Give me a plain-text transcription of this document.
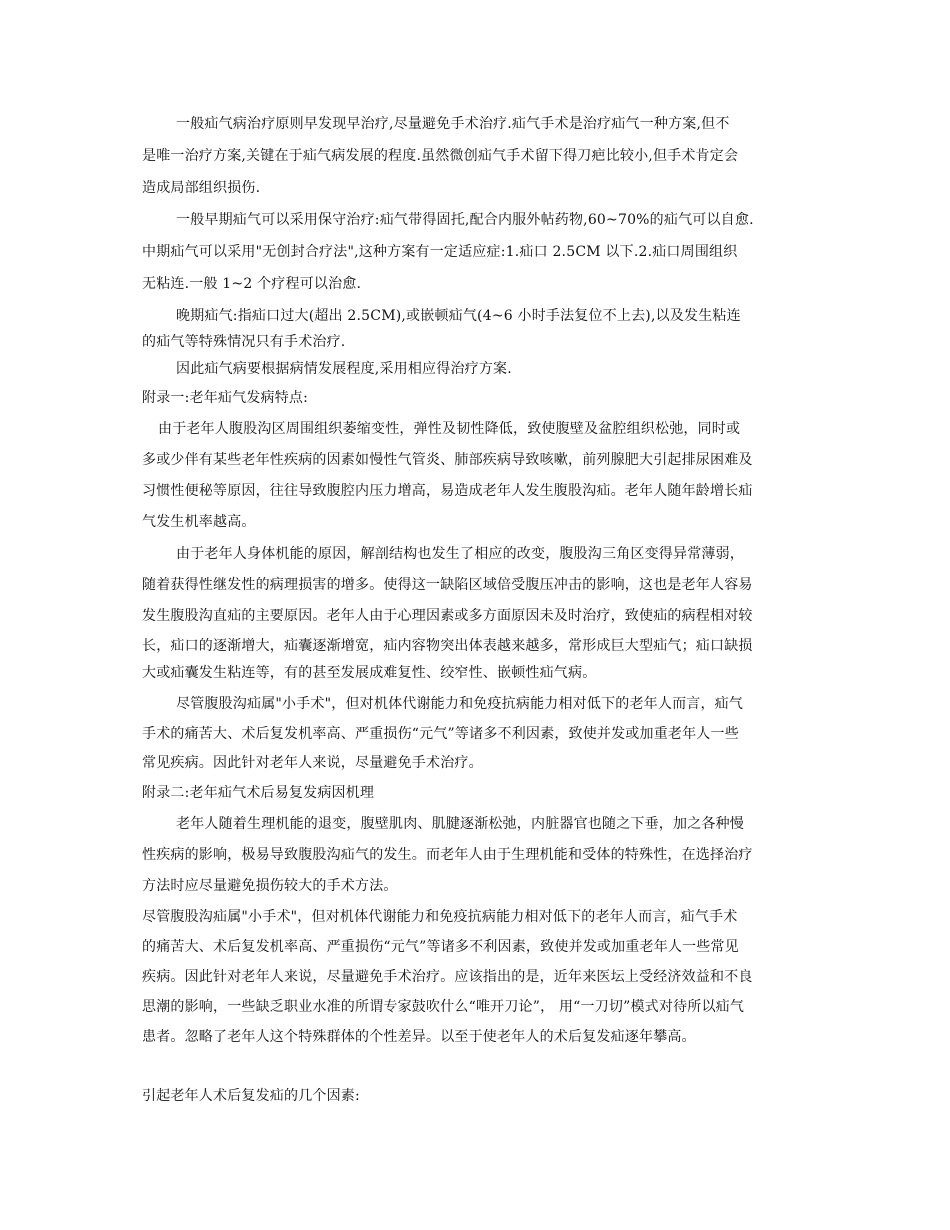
一般疝气病治疗原则早发现早治疗,尽量避免手术治疗.疝气手术是治疗疝气一种方案,但不
是唯一治疗方案,关键在于疝气病发展的程度.虽然微创疝气手术留下得刀疤比较小,但手术肯定会
造成局部组织损伤.
一般早期疝气可以采用保守治疗:疝气带得固托,配合内服外帖药物,60~70%的疝气可以自愈.
中期疝气可以采用"无创封合疗法",这种方案有一定适应症:1.疝口 2.5CM 以下.2.疝口周围组织
无粘连.一般 1~2 个疗程可以治愈.
晚期疝气:指疝口过大(超出 2.5CM),或嵌顿疝气(4~6 小时手法复位不上去),以及发生粘连
的疝气等特殊情况只有手术治疗.
因此疝气病要根据病情发展程度,采用相应得治疗方案.
附录一:老年疝气发病特点:
由于老年人腹股沟区周围组织萎缩变性，弹性及韧性降低，致使腹壁及盆腔组织松弛，同时或
多或少伴有某些老年性疾病的因素如慢性气管炎、肺部疾病导致咳嗽，前列腺肥大引起排尿困难及
习惯性便秘等原因，往往导致腹腔内压力增高，易造成老年人发生腹股沟疝。老年人随年龄增长疝
气发生机率越高。
由于老年人身体机能的原因，解剖结构也发生了相应的改变，腹股沟三角区变得异常薄弱，
随着获得性继发性的病理损害的增多。使得这一缺陷区域倍受腹压冲击的影响，这也是老年人容易
发生腹股沟直疝的主要原因。老年人由于心理因素或多方面原因未及时治疗，致使疝的病程相对较
长，疝口的逐渐增大，疝囊逐渐增宽，疝内容物突出体表越来越多，常形成巨大型疝气；疝口缺损
大或疝囊发生粘连等，有的甚至发展成难复性、绞窄性、嵌顿性疝气病。
尽管腹股沟疝属"小手术"，但对机体代谢能力和免疫抗病能力相对低下的老年人而言，疝气
手术的痛苦大、术后复发机率高、严重损伤“元气”等诸多不利因素，致使并发或加重老年人一些
常见疾病。因此针对老年人来说，尽量避免手术治疗。
附录二:老年疝气术后易复发病因机理
老年人随着生理机能的退变，腹壁肌肉、肌腱逐渐松弛，内脏器官也随之下垂，加之各种慢
性疾病的影响，极易导致腹股沟疝气的发生。而老年人由于生理机能和受体的特殊性，在选择治疗
方法时应尽量避免损伤较大的手术方法。
尽管腹股沟疝属"小手术"，但对机体代谢能力和免疫抗病能力相对低下的老年人而言，疝气手术
的痛苦大、术后复发机率高、严重损伤“元气”等诸多不利因素，致使并发或加重老年人一些常见
疾病。因此针对老年人来说，尽量避免手术治疗。应该指出的是，近年来医坛上受经济效益和不良
思潮的影响，一些缺乏职业水准的所谓专家鼓吹什么“唯开刀论”， 用“一刀切”模式对待所以疝气
患者。忽略了老年人这个特殊群体的个性差异。以至于使老年人的术后复发疝逐年攀高。
引起老年人术后复发疝的几个因素:
